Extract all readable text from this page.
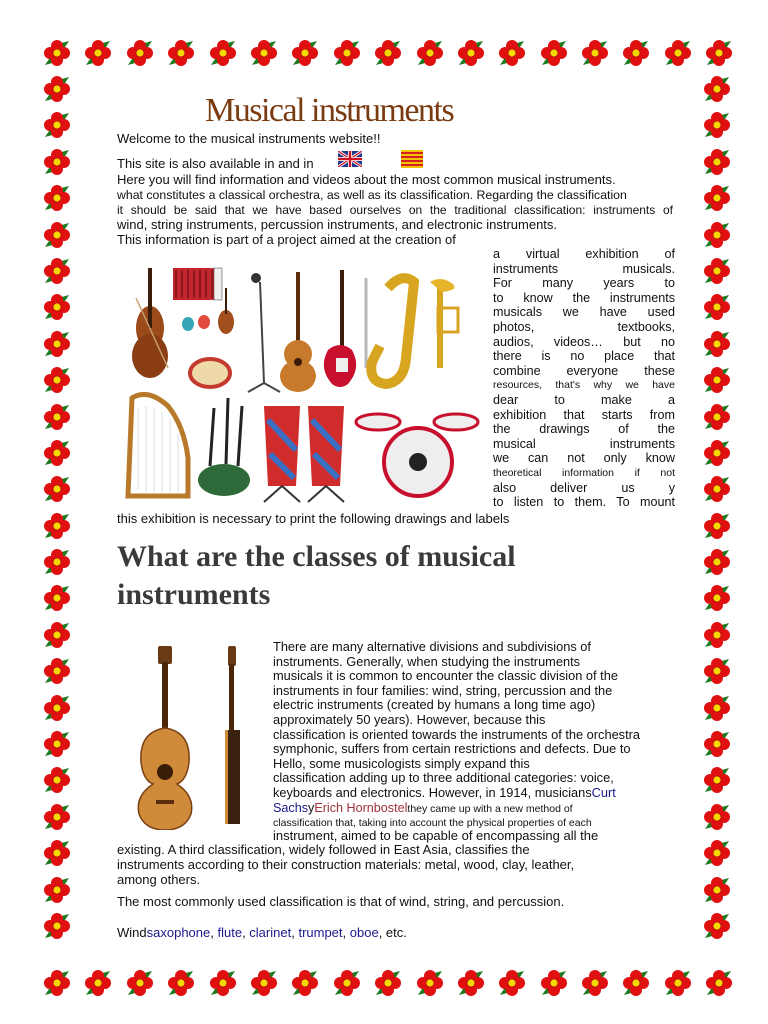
Musical instruments

Welcome to the musical instruments website!!

This site is also available in and in

Here you will find information and videos about the most common musical instruments.

what constitutes a classical orchestra, as well as its classification. Regarding the classification

it should be said that we have based ourselves on the traditional classification: instruments of

wind, string instruments, percussion instruments, and electronic instruments.

This information is part of a project aimed at the creation of

a virtual exhibition of
instruments musicals.
For many years to
to know the instruments
musicals we have used
photos, textbooks,
audios, videos… but no
there is no place that
combine everyone these
resources, that's why we have
dear to make a
exhibition that starts from
the drawings of the
musical instruments
we can not only know
theoretical information if not
also deliver us y
to listen to them. To mount

this exhibition is necessary to print the following drawings and labels

What are the classes of musical instruments
There are many alternative divisions and subdivisions of
instruments. Generally, when studying the instruments
musicals it is common to encounter the classic division of the
instruments in four families: wind, string, percussion and the
electric instruments (created by humans a long time ago)
approximately 50 years). However, because this
classification is oriented towards the instruments of the orchestra
symphonic, suffers from certain restrictions and defects. Due to
Hello, some musicologists simply expand this
classification adding up to three additional categories: voice,
keyboards and electronics. However, in 1914, musiciansCurt

SachsyErich Hornbostelthey came up with a new method of

classification that, taking into account the physical properties of each

instrument, aimed to be capable of encompassing all the

existing. A third classification, widely followed in East Asia, classifies the

instruments according to their construction materials: metal, wood, clay, leather,

among others.

The most commonly used classification is that of wind, string, and percussion.

Windsaxophone, flute, clarinet, trumpet, oboe, etc.
